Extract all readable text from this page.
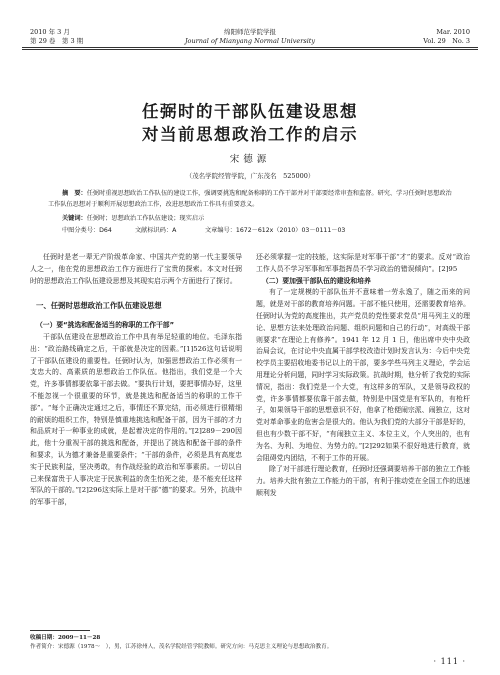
2010 年 3 月
第 29 卷　第 3 期
绵阳师范学院学报
Journal of Mianyang Normal University
Mar. 2010
Vol. 29　No. 3
任弼时的干部队伍建设思想
对当前思想政治工作的启示
宋德源
（茂名学院经管学院，广东茂名　525000）
摘　要：任弼时重视思想政治工作队伍的建设工作，强调要挑选和配备称职的工作干部并对干部要经常审查和监督。研究、学习任弼时思想政治工作队伍思想对于顺利开展思想政治工作，改进思想政治工作具有重要意义。
关键词：任弼时；思想政治工作队伍建设；现实启示
中图分类号：D64	文献标识码：A	文章编号：1672－612x（2010）03－0111－03

任弼时是老一辈无产阶级革命家、中国共产党的第一代主要领导人之一，他在党的思想政治工作方面进行了宝贵的探索。本文对任弼时的思想政治工作队伍建设思想及其现实启示两个方面进行了探讨。

一、任弼时思想政治工作队伍建设思想

（一）要“挑选和配备适当的称职的工作干部”

干部队伍建设在思想政治工作中具有举足轻重的地位。毛泽东指出：“政治路线确定之后，干部就是决定的因素。”[1]526这句话说明了干部队伍建设的重要性。任弼时认为，加强思想政治工作必须有一支忠大的、高素质的思想政治工作队伍。他指出，我们党是一个大党，许多事情都要依靠干部去做。“要执行计划，要把事情办好，这里不能忽视一个很重要的环节，就是挑选和配备适当的称职的工作干部”。“每个正确决定通过之后，事情还不算完结，而必须进行很精细的耐烦的组织工作，特别是慎重地挑选和配备干部，因为干部的才力和品质对于一种事业的成就，是起着决定的作用的。”[2]289－290因此，他十分重视干部的挑选和配备，并提出了挑选和配备干部的条件和要求，认为德才兼备是重要条件；“干部的条件，必须是具有高度忠实于民族利益，坚决勇敢，有作战经验的政治和军事素质。一切以自己来保富贵于人事决定于民族利益的贪生怕死之徒，是不能充任这样军队的干部的。”[2]296这实际上是对干部“德”的要求。另外，抗战中的军事干部，

还必须掌握一定的技能，这实际是对军事干部“才”的要求。反对“政治工作人员不学习军事和军事指挥员不学习政治的错误倾向”。[2]95

（二）要加强干部队伍的建设和培养

有了一定规模的干部队伍并不意味着一劳永逸了，随之而来的问题，就是对干部的教育培养问题。干部不能只使用，还需要教育培养。任弼时认为党的高度推出，共产党员的党性要求党员“用马列主义的理论、思想方法来处理政治问题、组织问题和自己的行动”，对高级干部则要求“在理论上有修养”。1941 年 12 月 1 日，他出席中央中央政治局会议，在讨论中央直属干部学校改造计划时发言认为：今后中央党校学员主要招收地委书记以上的干部，要多学些马列主义理论，学会运用理论分析问题，同时学习实际政策。抗战时期，他分析了我党的实际情况，指出：我们党是一个大党，有这样多的军队，又是领导政权的党，许多事情都要依靠干部去做，特别是中国党是有军队的，有枪杆子，如果领导干部的思想意识不好，他拿了枪便闹宗派、闹独立，这对党对革命事业的危害会是很大的。他认为我们党的大部分干部是好的，但也有少数干部不好，“有闹独立主义、本位主义，个人突出的，也有为名、为利、为地位、为势力的。”[2]292如果不很好地进行教育，就会阻碍党内团结，不利于工作的开展。

除了对干部进行理论教育，任弼时还强调要培养干部的独立工作能力。培养大批有独立工作能力的干部，有利于推动党在全国工作的迅速顺利发

收稿日期：2009－11－28
作者简介：宋德源（1978～　），男，江苏徐州人，茂名学院经管学院教师。研究方向：马克思主义理论与思想政治教育。
· 111 ·
